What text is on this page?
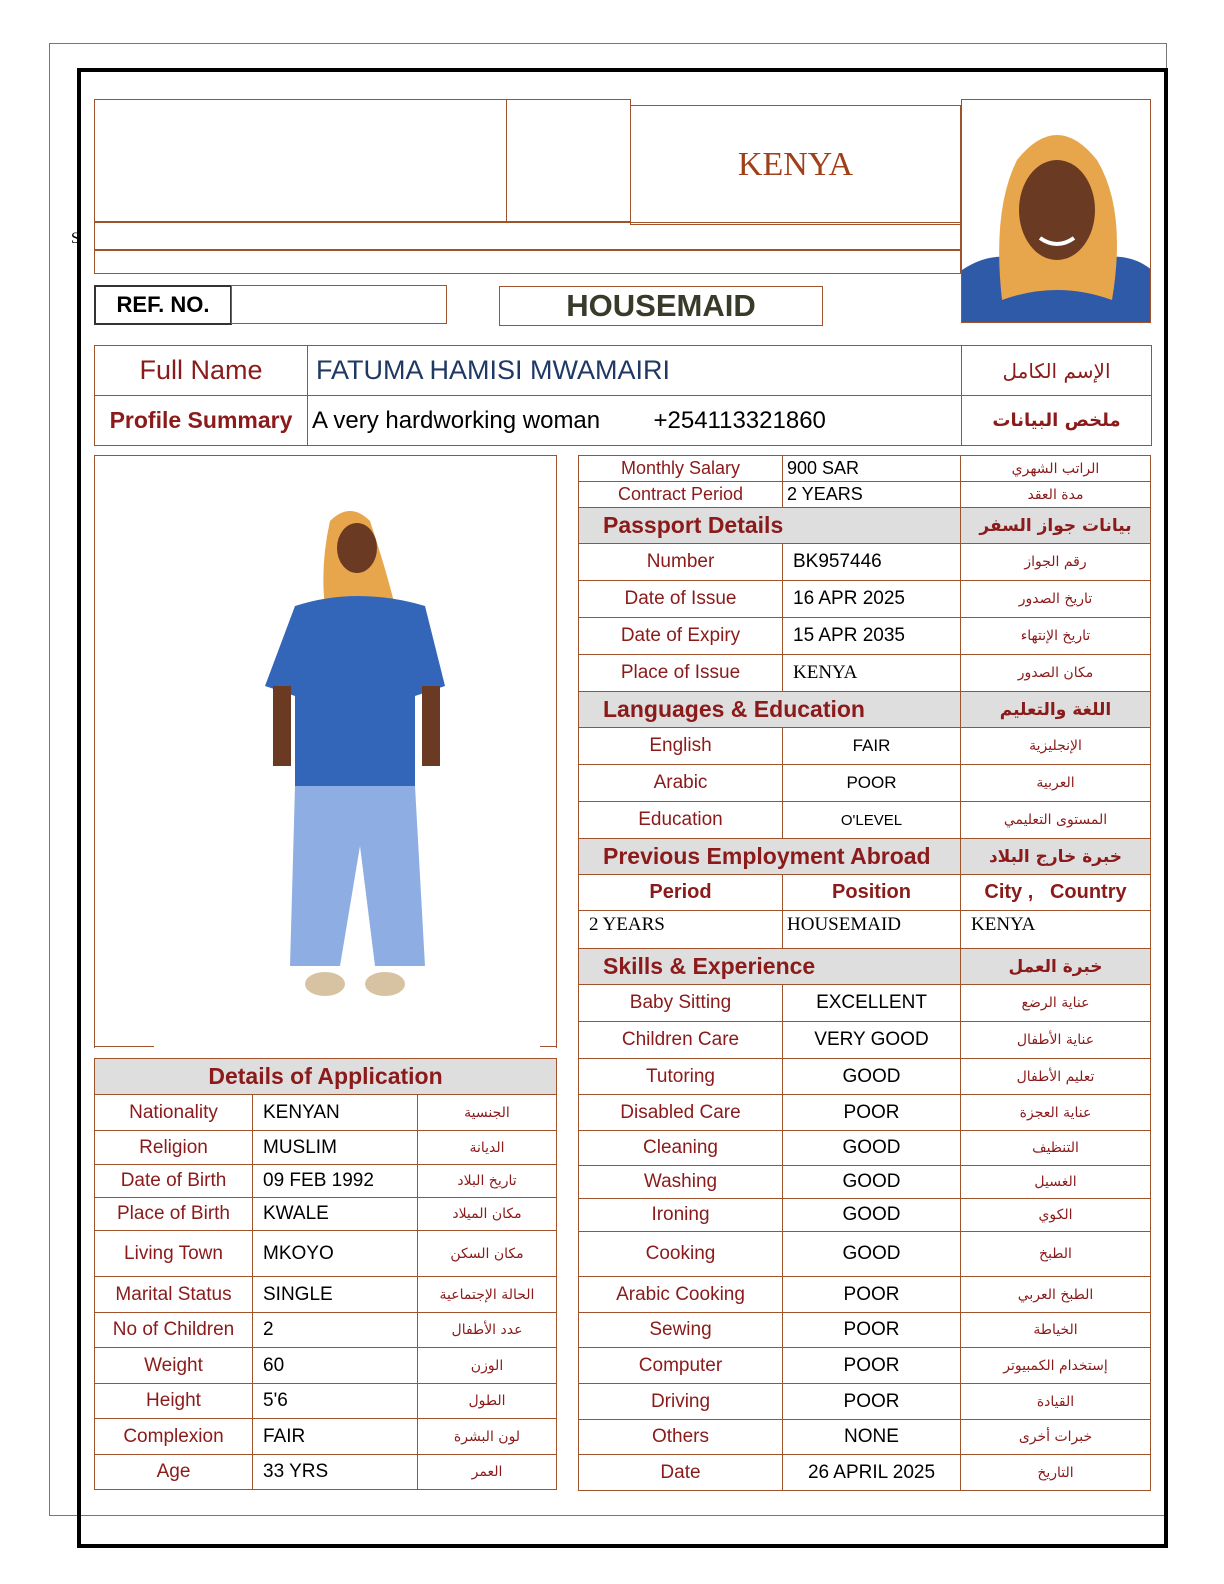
S
KENYA
REF. NO.	HOUSEMAID
Full Name	FATUMA HAMISI MWAMAIRI	الإسم الكامل
Profile Summary	A very hardworking woman +254113321860	ملخص البيانات
Monthly Salary	900 SAR	الراتب الشهري
Contract Period	2 YEARS	مدة العقد
Passport Details		بيانات جواز السفر
Number	BK957446	رقم الجواز
Date of Issue	16 APR 2025	تاريخ الصدور
Date of Expiry	15 APR 2035	تاريخ الإنتهاء
Place of Issue	KENYA	مكان الصدور
Languages & Education		اللغة والتعليم
English	FAIR	الإنجليزية
Arabic	POOR	العربية
Education	O'LEVEL	المستوى التعليمي
Previous Employment Abroad		خبرة خارج البلاد
Period	Position	City ,   Country
2 YEARS	HOUSEMAID	KENYA
Skills & Experience		خبرة العمل
Baby Sitting	EXCELLENT	عناية الرضع
Children Care	VERY GOOD	عناية الأطفال
Tutoring	GOOD	تعليم الأطفال
Disabled Care	POOR	عناية العجزة
Cleaning	GOOD	التنظيف
Washing	GOOD	الغسيل
Ironing	GOOD	الكوي
Cooking	GOOD	الطبخ
Arabic Cooking	POOR	الطبخ العربي
Sewing	POOR	الخياطة
Computer	POOR	إستخدام الكمبيوتر
Driving	POOR	القيادة
Others	NONE	خبرات أخرى
Date	26 APRIL 2025	التاريخ
Details of Application		
Nationality	KENYAN	الجنسية
Religion	MUSLIM	الديانة
Date of Birth	09 FEB 1992	تاريخ البلاد
Place of Birth	KWALE	مكان الميلاد
Living Town	MKOYO	مكان السكن
Marital Status	SINGLE	الحالة الإجتماعية
No of Children	2	عدد الأطفال
Weight	60	الوزن
Height	5'6	الطول
Complexion	FAIR	لون البشرة
Age	33 YRS	العمر
